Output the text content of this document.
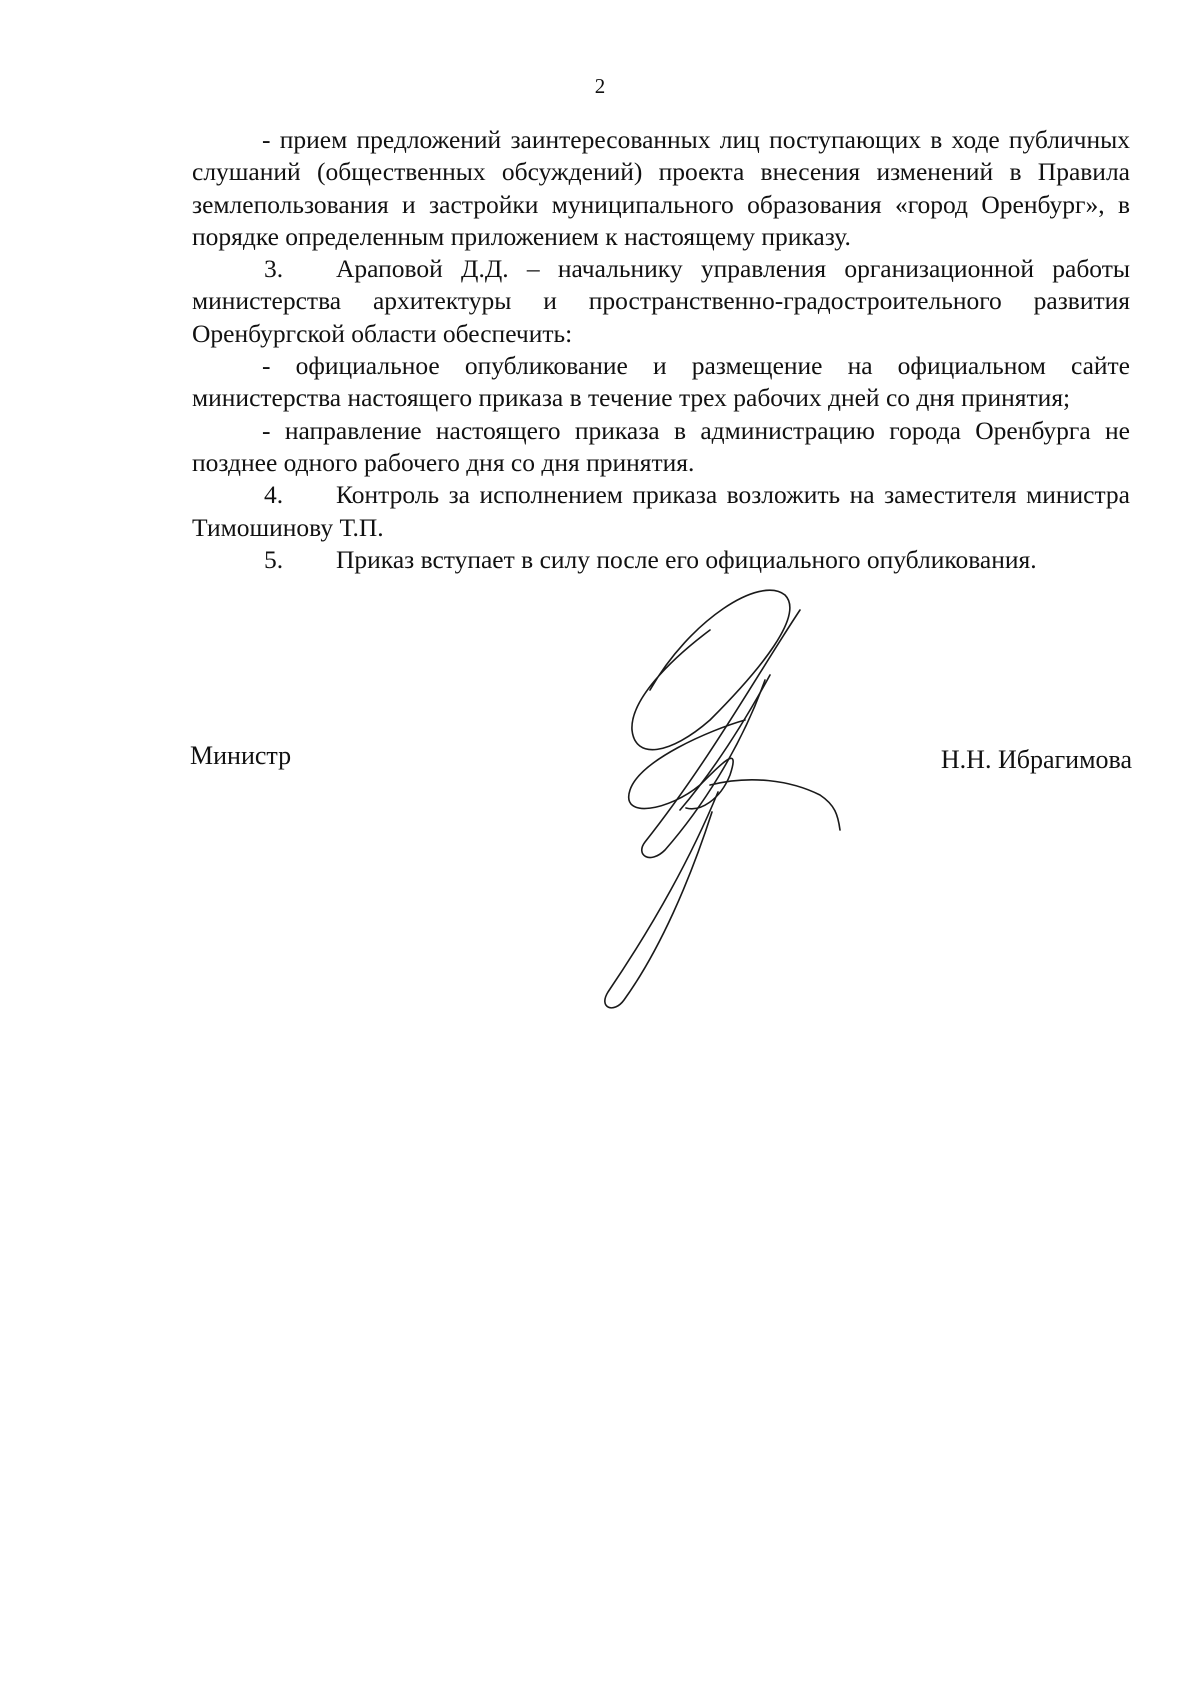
2

- прием предложений заинтересованных лиц поступающих в ходе публичных слушаний (общественных обсуждений) проекта внесения изменений в Правила землепользования и застройки муниципального образования «город Оренбург», в порядке определенным приложением к настоящему приказу.

3. Араповой Д.Д. – начальнику управления организационной работы министерства архитектуры и пространственно-градостроительного развития Оренбургской области обеспечить:

- официальное опубликование и размещение на официальном сайте министерства настоящего приказа в течение трех рабочих дней со дня принятия;

- направление настоящего приказа в администрацию города Оренбурга не позднее одного рабочего дня со дня принятия.

4. Контроль за исполнением приказа возложить на заместителя министра Тимошинову Т.П.

5. Приказ вступает в силу после его официального опубликования.

Министр	Н.Н. Ибрагимова
